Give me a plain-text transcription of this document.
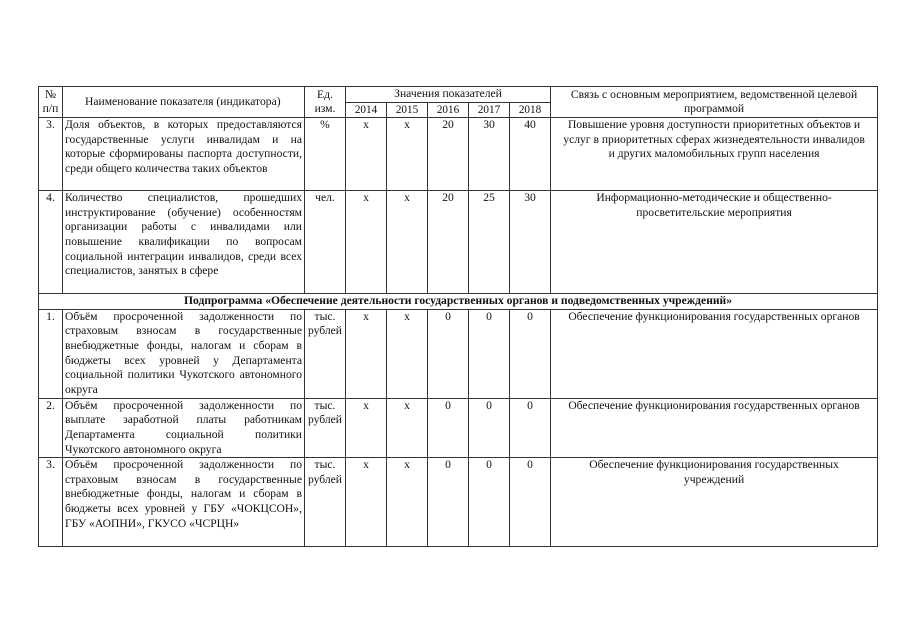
№ п/п	Наименование показателя (индикатора)	Ед. изм.	Значения показателей					Связь с основным мероприятием, ведомственной целевой программой
			2014	2015	2016	2017	2018	
3.	Доля объектов, в которых предоставляются государственные услуги инвалидам и на которые сформированы паспорта доступности, среди общего количества таких объектов	%	х	х	20	30	40	Повышение уровня доступности приоритетных объектов и услуг в приоритетных сферах жизнедеятельности инвалидов и других маломобильных групп населения
4.	Количество специалистов, прошедших инструктирование (обучение) особенностям организации работы с инвалидами или повышение квалификации по вопросам социальной интеграции инвалидов, среди всех специалистов, занятых в сфере	чел.	х	х	20	25	30	Информационно-методические и общественно-просветительские мероприятия
Подпрограмма «Обеспечение деятельности государственных органов и подведомственных учреждений»								
1.	Объём просроченной задолженности по страховым взносам в государственные внебюджетные фонды, налогам и сборам в бюджеты всех уровней у Департамента социальной политики Чукотского автономного округа	тыс. рублей	х	х	0	0	0	Обеспечение функционирования государственных органов
2.	Объём просроченной задолженности по выплате заработной платы работникам Департамента социальной политики Чукотского автономного округа	тыс. рублей	х	х	0	0	0	Обеспечение функционирования государственных органов
3.	Объём просроченной задолженности по страховым взносам в государственные внебюджетные фонды, налогам и сборам в бюджеты всех уровней у ГБУ «ЧОКЦСОН», ГБУ «АОПНИ», ГКУСО «ЧСРЦН»	тыс. рублей	х	х	0	0	0	Обеспечение функционирования государственных учреждений
